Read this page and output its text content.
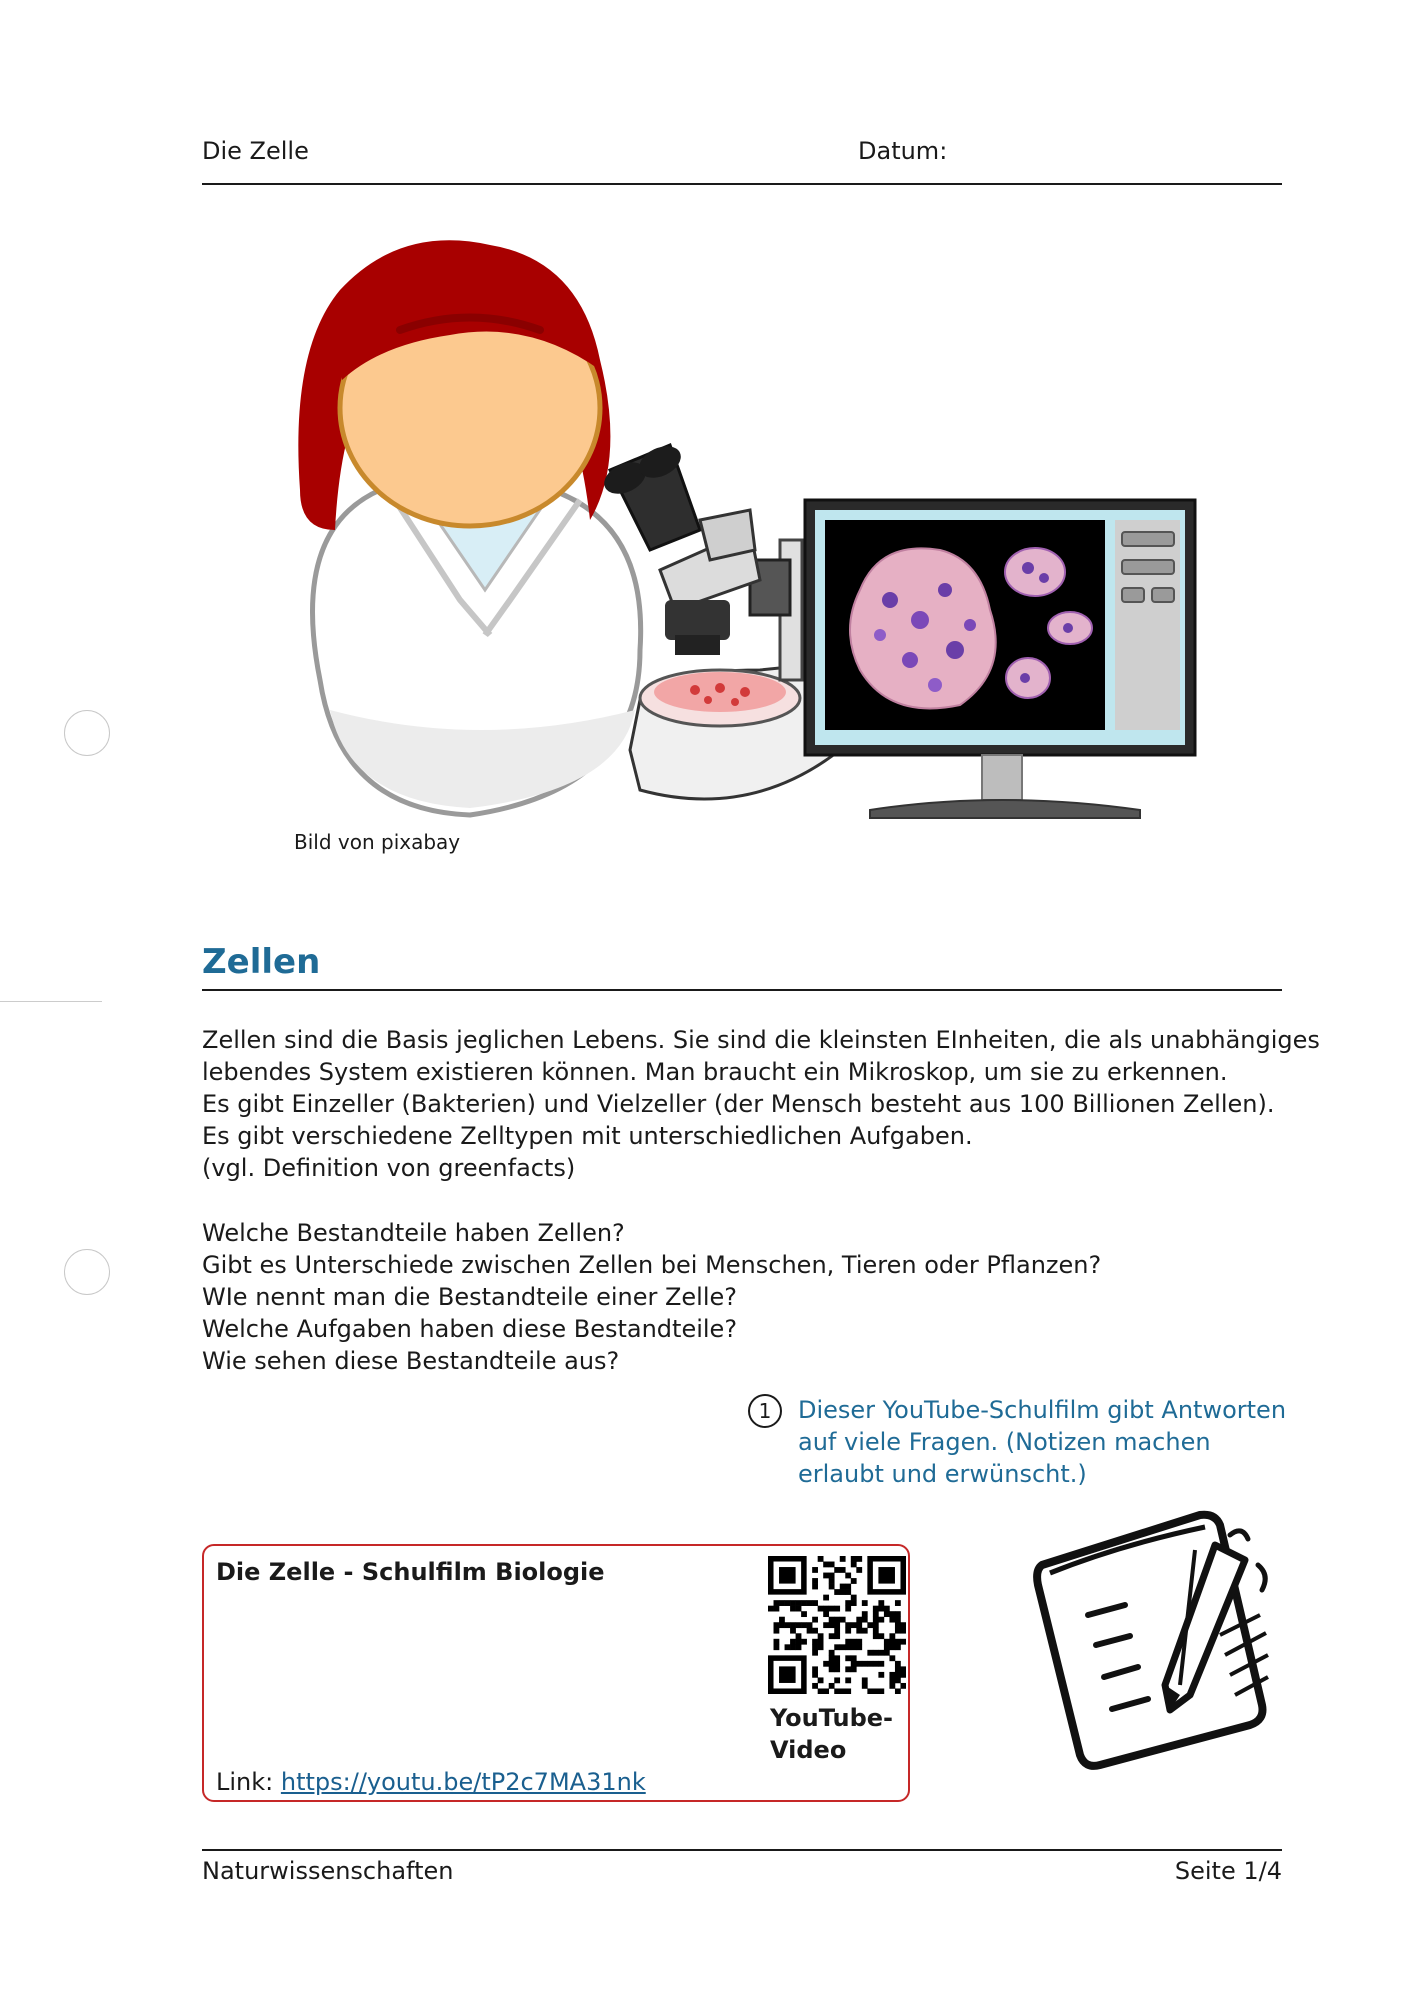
Die Zelle	Datum:
Bild von pixabay
Zellen
Zellen sind die Basis jeglichen Lebens. Sie sind die kleinsten EInheiten, die als unabhängiges
lebendes System existieren können. Man braucht ein Mikroskop, um sie zu erkennen.
Es gibt Einzeller (Bakterien) und Vielzeller (der Mensch besteht aus 100 Billionen Zellen).
Es gibt verschiedene Zelltypen mit unterschiedlichen Aufgaben.
(vgl. Definition von greenfacts)
Welche Bestandteile haben Zellen?
Gibt es Unterschiede zwischen Zellen bei Menschen, Tieren oder Pflanzen?
WIe nennt man die Bestandteile einer Zelle?
Welche Aufgaben haben diese Bestandteile?
Wie sehen diese Bestandteile aus?
1	Dieser YouTube-Schulfilm gibt Antworten
auf viele Fragen. (Notizen machen
erlaubt und erwünscht.)
Die Zelle - Schulfilm Biologie
Link: https://youtu.be/tP2c7MA31nk
YouTube-
Video
Naturwissenschaften	Seite 1/4
